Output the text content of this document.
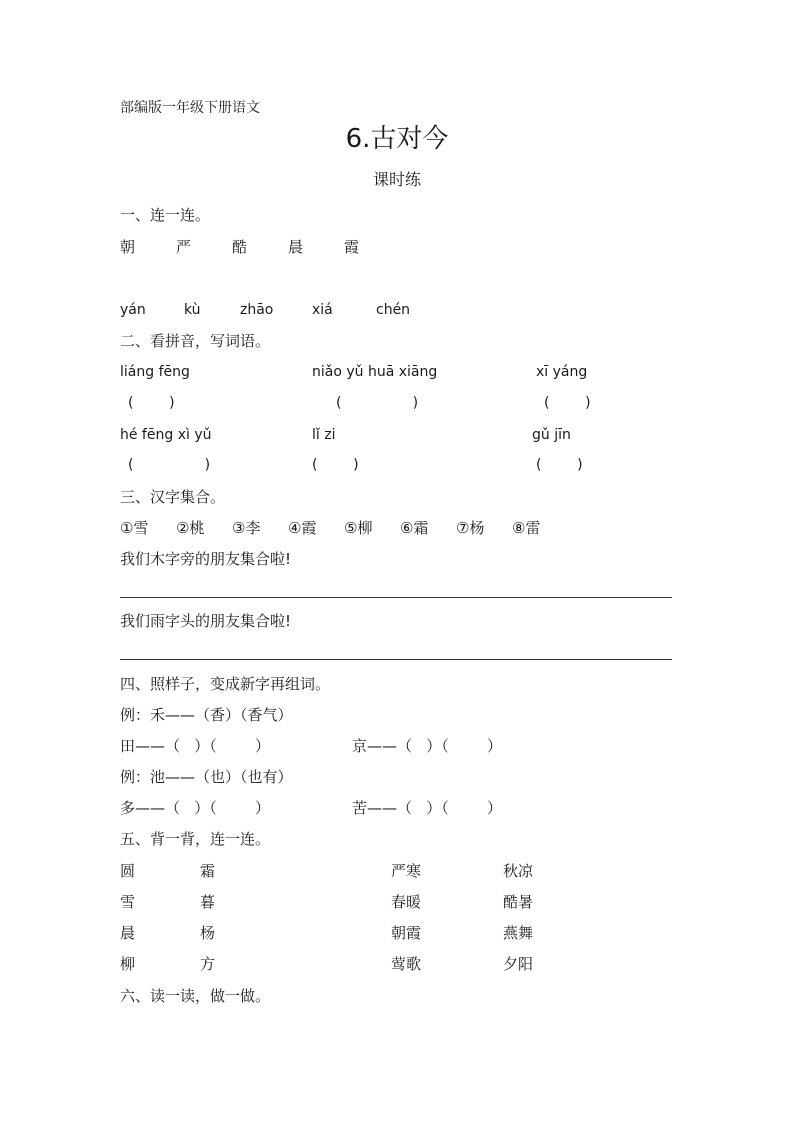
部编版一年级下册语文
6.古对今
课时练
一、连一连。
朝	严	酷	晨	霞
yán	kù	zhāo	xiá	chén
二、看拼音，写词语。
liáng fēng	niǎo yǔ huā xiāng	xī yáng
(        )	(                )	(        )
hé fēng xì yǔ	lǐ zi	gǔ jīn
(                )	(        )	(        )
三、汉字集合。
①雪 ②桃 ③李 ④霞 ⑤柳 ⑥霜 ⑦杨 ⑧雷
我们木字旁的朋友集合啦!
我们雨字头的朋友集合啦!
四、照样子，变成新字再组词。
例：禾——（香）（香气）
田——（   ）（        ）	京——（   ）（        ）
例：池——（也）（也有）
多——（   ）（        ）	苦——（   ）（        ）
五、背一背，连一连。
圆	霜	严寒	秋凉
雪	暮	春暖	酷暑
晨	杨	朝霞	燕舞
柳	方	莺歌	夕阳
六、读一读，做一做。
